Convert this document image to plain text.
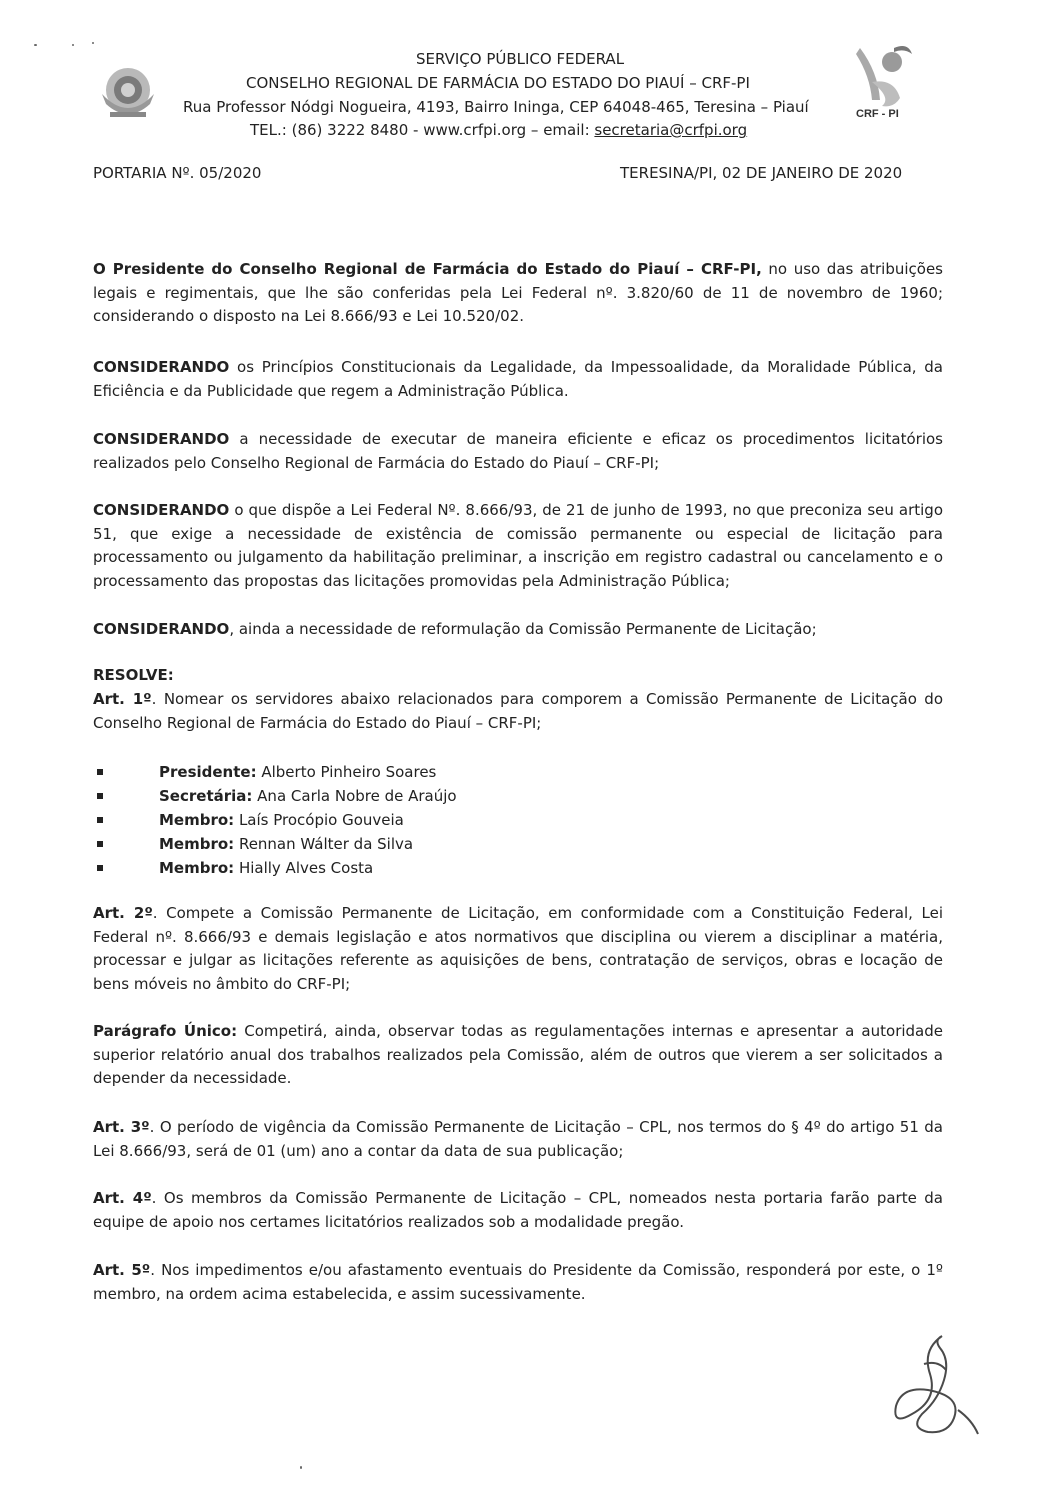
CRF - PI
SERVIÇO PÚBLICO FEDERAL
CONSELHO REGIONAL DE FARMÁCIA DO ESTADO DO PIAUÍ – CRF-PI
Rua Professor Nódgi Nogueira, 4193, Bairro Ininga, CEP 64048-465, Teresina – Piauí
TEL.: (86) 3222 8480 - www.crfpi.org – email: secretaria@crfpi.org
PORTARIA Nº. 05/2020	TERESINA/PI, 02 DE JANEIRO DE 2020
O Presidente do Conselho Regional de Farmácia do Estado do Piauí – CRF-PI, no uso das atribuições legais e regimentais, que lhe são conferidas pela Lei Federal nº. 3.820/60 de 11 de novembro de 1960; considerando o disposto na Lei 8.666/93 e Lei 10.520/02.
CONSIDERANDO os Princípios Constitucionais da Legalidade, da Impessoalidade, da Moralidade Pública, da Eficiência e da Publicidade que regem a Administração Pública.
CONSIDERANDO a necessidade de executar de maneira eficiente e eficaz os procedimentos licitatórios realizados pelo Conselho Regional de Farmácia do Estado do Piauí – CRF-PI;
CONSIDERANDO o que dispõe a Lei Federal Nº. 8.666/93, de 21 de junho de 1993, no que preconiza seu artigo 51, que exige a necessidade de existência de comissão permanente ou especial de licitação para processamento ou julgamento da habilitação preliminar, a inscrição em registro cadastral ou cancelamento e o processamento das propostas das licitações promovidas pela Administração Pública;
CONSIDERANDO, ainda a necessidade de reformulação da Comissão Permanente de Licitação;
RESOLVE:
Art. 1º. Nomear os servidores abaixo relacionados para comporem a Comissão Permanente de Licitação do Conselho Regional de Farmácia do Estado do Piauí – CRF-PI;
Presidente: Alberto Pinheiro Soares
Secretária: Ana Carla Nobre de Araújo
Membro: Laís Procópio Gouveia
Membro: Rennan Wálter da Silva
Membro: Hially Alves Costa
Art. 2º. Compete a Comissão Permanente de Licitação, em conformidade com a Constituição Federal, Lei Federal nº. 8.666/93 e demais legislação e atos normativos que disciplina ou vierem a disciplinar a matéria, processar e julgar as licitações referente as aquisições de bens, contratação de serviços, obras e locação de bens móveis no âmbito do CRF-PI;
Parágrafo Único: Competirá, ainda, observar todas as regulamentações internas e apresentar a autoridade superior relatório anual dos trabalhos realizados pela Comissão, além de outros que vierem a ser solicitados a depender da necessidade.
Art. 3º. O período de vigência da Comissão Permanente de Licitação – CPL, nos termos do § 4º do artigo 51 da Lei 8.666/93, será de 01 (um) ano a contar da data de sua publicação;
Art. 4º. Os membros da Comissão Permanente de Licitação – CPL, nomeados nesta portaria farão parte da equipe de apoio nos certames licitatórios realizados sob a modalidade pregão.
Art. 5º. Nos impedimentos e/ou afastamento eventuais do Presidente da Comissão, responderá por este, o 1º membro, na ordem acima estabelecida, e assim sucessivamente.
